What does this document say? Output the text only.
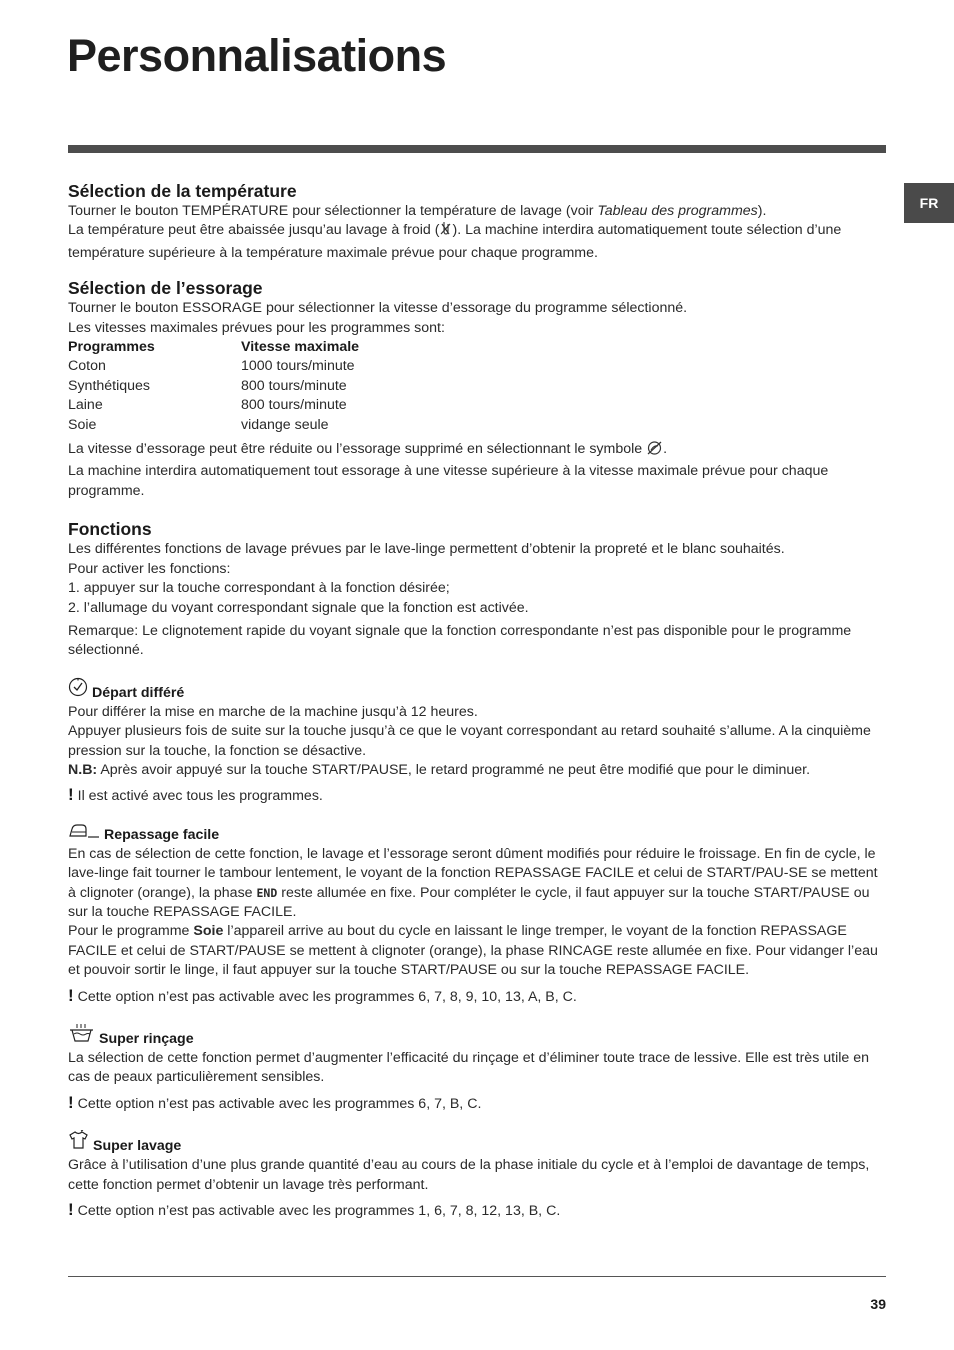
Personnalisations
FR
Sélection de la température

Tourner le bouton TEMPÉRATURE pour sélectionner la température de lavage (voir Tableau des programmes).

La température peut être abaissée jusqu’au lavage à froid ( ). La machine interdira automatiquement toute sélection d’une température supérieure à la température maximale prévue pour chaque programme.

Sélection de l’essorage

Tourner le bouton ESSORAGE pour sélectionner la vitesse d’essorage du programme sélectionné.

Les vitesses maximales prévues pour les programmes sont:

Programmes	Vitesse maximale
Coton	1000 tours/minute
Synthétiques	800 tours/minute
Laine	800 tours/minute
Soie	vidange seule

La vitesse d’essorage peut être réduite ou l’essorage supprimé en sélectionnant le symbole .

La machine interdira automatiquement tout essorage à une vitesse supérieure à la vitesse maximale prévue pour chaque programme.

Fonctions

Les différentes fonctions de lavage prévues par le lave-linge permettent d’obtenir la propreté et le blanc souhaités.

Pour activer les fonctions:

1. appuyer sur la touche correspondant à la fonction désirée;

2. l’allumage du voyant correspondant signale que la fonction est activée.

Remarque: Le clignotement rapide du voyant signale que la fonction correspondante n’est pas disponible pour le programme sélectionné.

Départ différé

Pour différer la mise en marche de la machine jusqu’à 12 heures.

Appuyer plusieurs fois de suite sur la touche jusqu’à ce que le voyant correspondant au retard souhaité s’allume. A la cinquième pression sur la touche, la fonction se désactive.

N.B: Après avoir appuyé sur la touche START/PAUSE, le retard programmé ne peut être modifié que pour le diminuer.

! Il est activé avec tous les programmes.

Repassage facile

En cas de sélection de cette fonction, le lavage et l’essorage seront dûment modifiés pour réduire le froissage. En fin de cycle, le lave-linge fait tourner le tambour lentement, le voyant de la fonction REPASSAGE FACILE et celui de START/PAU-SE se mettent à clignoter (orange), la phase END reste allumée en fixe. Pour compléter le cycle, il faut appuyer sur la touche START/PAUSE ou sur la touche REPASSAGE FACILE.

Pour le programme Soie l’appareil arrive au bout du cycle en laissant le linge tremper, le voyant de la fonction REPASSAGE FACILE et celui de START/PAUSE se mettent à clignoter (orange), la phase RINCAGE reste allumée en fixe. Pour vidanger l’eau et pouvoir sortir le linge, il faut appuyer sur la touche START/PAUSE ou sur la touche REPASSAGE FACILE.

! Cette option n’est pas activable avec les programmes 6, 7, 8, 9, 10, 13, A, B, C.

Super rinçage

La sélection de cette fonction permet d’augmenter l’efficacité du rinçage et d’éliminer toute trace de lessive. Elle est très utile en cas de peaux particulièrement sensibles.

! Cette option n’est pas activable avec les programmes 6, 7, B, C.

Super lavage

Grâce à l’utilisation d’une plus grande quantité d’eau au cours de la phase initiale du cycle et à l’emploi de davantage de temps, cette fonction permet d’obtenir un lavage très performant.

! Cette option n’est pas activable avec les programmes 1, 6, 7, 8, 12, 13, B, C.

39
